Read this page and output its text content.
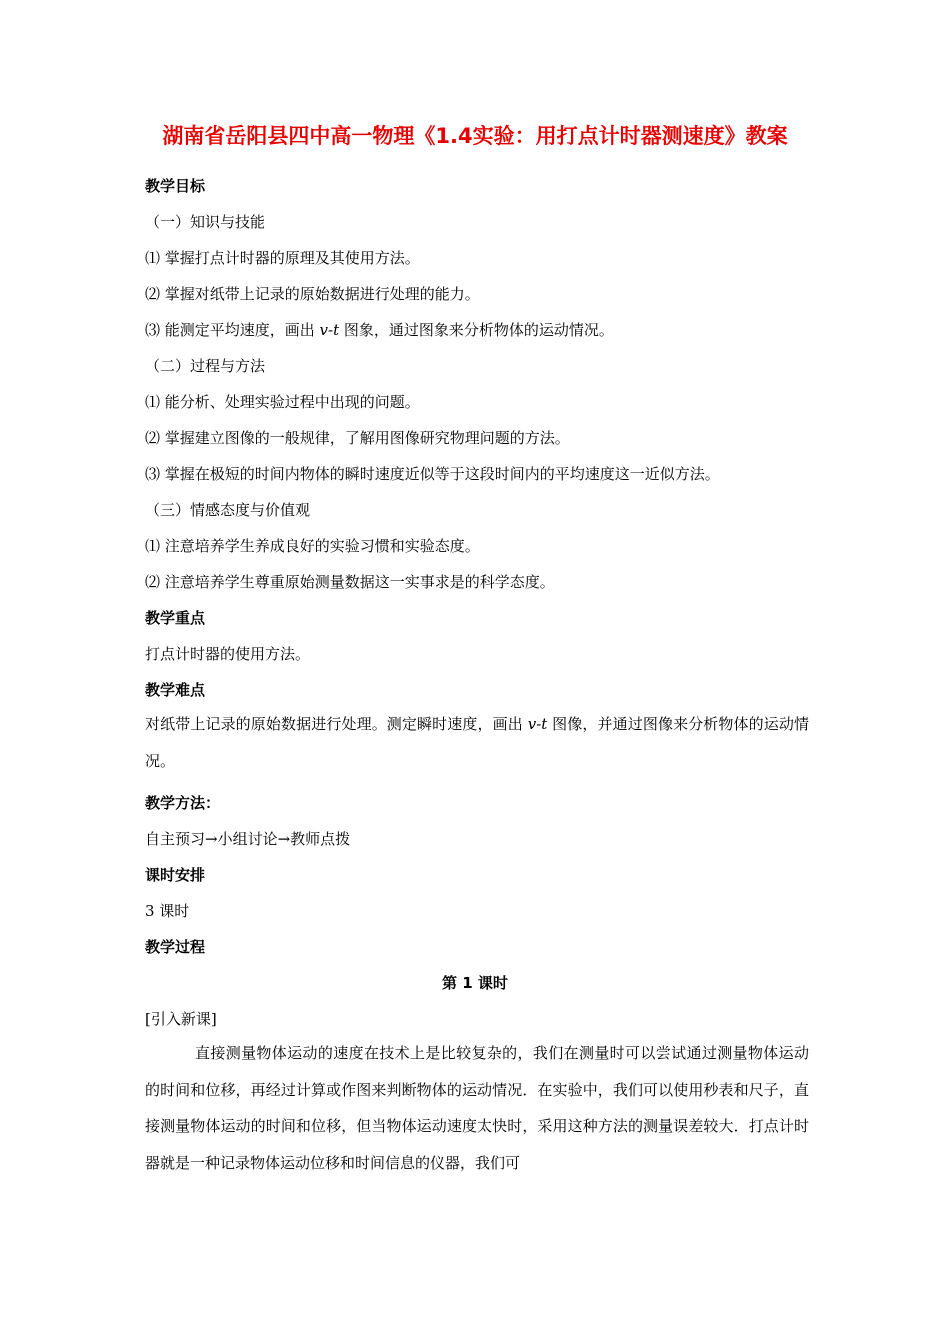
湖南省岳阳县四中高一物理《1.4实验：用打点计时器测速度》教案
教学目标
（一）知识与技能
⑴ 掌握打点计时器的原理及其使用方法。
⑵ 掌握对纸带上记录的原始数据进行处理的能力。
⑶ 能测定平均速度，画出 v-t 图象，通过图象来分析物体的运动情况。
（二）过程与方法
⑴ 能分析、处理实验过程中出现的问题。
⑵ 掌握建立图像的一般规律，了解用图像研究物理问题的方法。
⑶ 掌握在极短的时间内物体的瞬时速度近似等于这段时间内的平均速度这一近似方法。
（三）情感态度与价值观
⑴ 注意培养学生养成良好的实验习惯和实验态度。
⑵ 注意培养学生尊重原始测量数据这一实事求是的科学态度。
教学重点
打点计时器的使用方法。
教学难点
对纸带上记录的原始数据进行处理。测定瞬时速度，画出 v-t 图像，并通过图像来分析物体的运动情况。
教学方法：
自主预习→小组讨论→教师点拨
课时安排
3 课时
教学过程
第 1 课时
[引入新课]
直接测量物体运动的速度在技术上是比较复杂的，我们在测量时可以尝试通过测量物体运动的时间和位移，再经过计算或作图来判断物体的运动情况．在实验中，我们可以使用秒表和尺子，直接测量物体运动的时间和位移，但当物体运动速度太快时，采用这种方法的测量误差较大．打点计时器就是一种记录物体运动位移和时间信息的仪器，我们可
